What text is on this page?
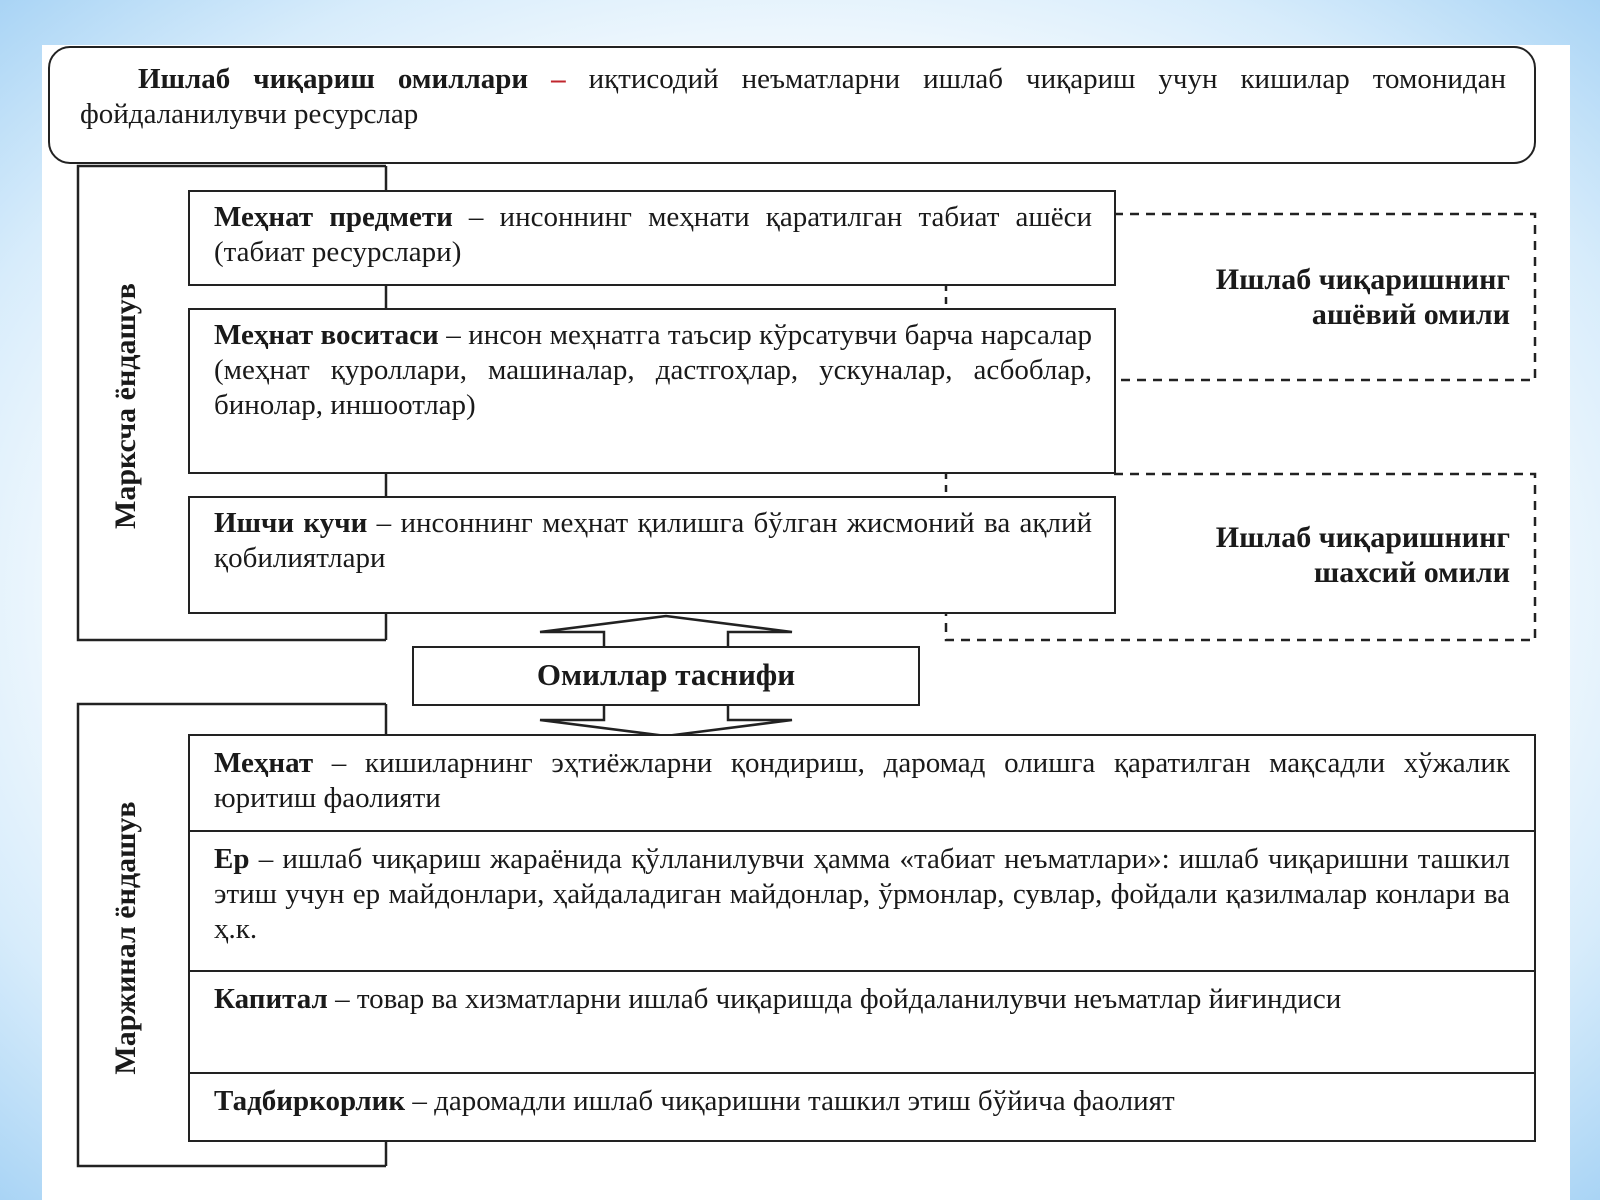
Ишлаб чиқариш омиллари – иқтисодий неъматларни ишлаб чиқариш учун кишилар томонидан фойдаланилувчи ресурслар
Марксча ёндашув
Меҳнат предмети – инсоннинг меҳнати қаратилган табиат ашёси (табиат ресурслари)
Меҳнат воситаси – инсон меҳнатга таъсир кўрсатувчи барча нарсалар (меҳнат қуроллари, машиналар, дастгоҳлар, ускуналар, асбоблар, бинолар, иншоотлар)
Ишчи кучи – инсоннинг меҳнат қилишга бўлган жисмоний ва ақлий қобилиятлари
Ишлаб чиқаришнинг
ашёвий омили
Ишлаб чиқаришнинг
шахсий омили
Омиллар таснифи
Маржинал ёндашув
Меҳнат – кишиларнинг эҳтиёжларни қондириш, даромад олишга қаратилган мақсадли хўжалик юритиш фаолияти
Ер – ишлаб чиқариш жараёнида қўлланилувчи ҳамма «табиат неъматлари»: ишлаб чиқаришни ташкил этиш учун ер майдонлари, ҳайдаладиган майдонлар, ўрмонлар, сувлар, фойдали қазилмалар конлари ва ҳ.к.
Капитал – товар ва хизматларни ишлаб чиқаришда фойдаланилувчи неъматлар йиғиндиси
Тадбиркорлик – даромадли ишлаб чиқаришни ташкил этиш бўйича фаолият
